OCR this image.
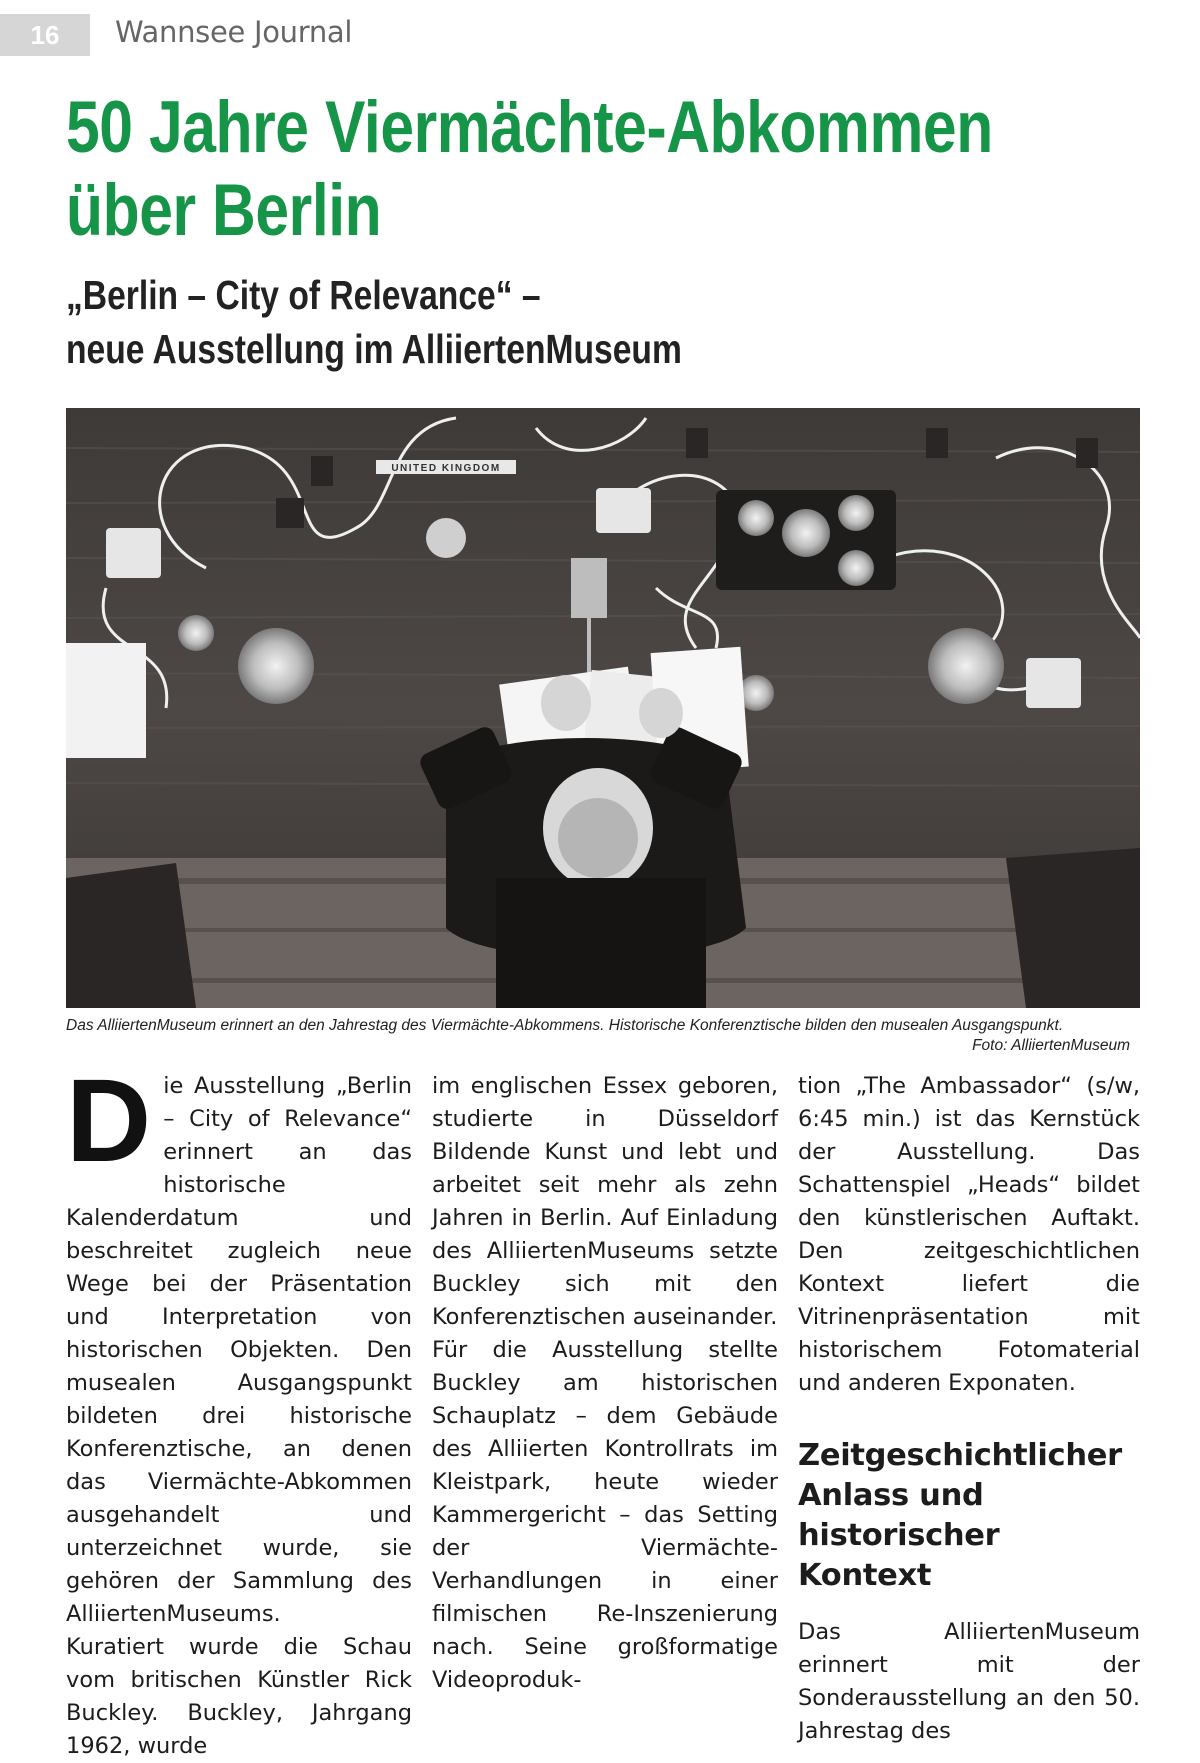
16	Wannsee Journal
50 Jahre Viermächte-Abkommen
über Berlin
„Berlin – City of Relevance“ –
neue Ausstellung im AlliiertenMuseum
UNITED KINGDOM
Das AlliiertenMuseum erinnert an den Jahrestag des Viermächte-Abkommens. Historische Konferenztische bilden den musealen Ausgangspunkt.
Foto: AlliiertenMuseum
D ie Ausstellung „Berlin – City of Relevance“ erinnert an das historische Kalenderdatum und beschreitet zugleich neue Wege bei der Präsentation und Interpretation von historischen Objekten. Den musealen Ausgangspunkt bildeten drei historische Konferenztische, an denen das Viermächte-Abkommen ausgehandelt und unterzeichnet wurde, sie gehören der Sammlung des AlliiertenMuseums.

Kuratiert wurde die Schau vom britischen Künstler Rick Buckley. Buckley, Jahrgang 1962, wurde

im englischen Essex geboren, studierte in Düsseldorf Bildende Kunst und lebt und arbeitet seit mehr als zehn Jahren in Berlin. Auf Einladung des AlliiertenMuseums setzte Buckley sich mit den Konferenztischen auseinander.

Für die Ausstellung stellte Buckley am historischen Schauplatz – dem Gebäude des Alliierten Kontrollrats im Kleistpark, heute wieder Kammergericht – das Setting der Viermächte-Verhandlungen in einer filmischen Re-Inszenierung nach. Seine großformatige Videoproduk-

tion „The Ambassador“ (s/w, 6:45 min.) ist das Kernstück der Ausstellung. Das Schattenspiel „Heads“ bildet den künstlerischen Auftakt. Den zeitgeschichtlichen Kontext liefert die Vitrinenpräsentation mit historischem Fotomaterial und anderen Exponaten.

Zeitgeschichtlicher Anlass und historischer Kontext

Das AlliiertenMuseum erinnert mit der Sonderausstellung an den 50. Jahrestag des
